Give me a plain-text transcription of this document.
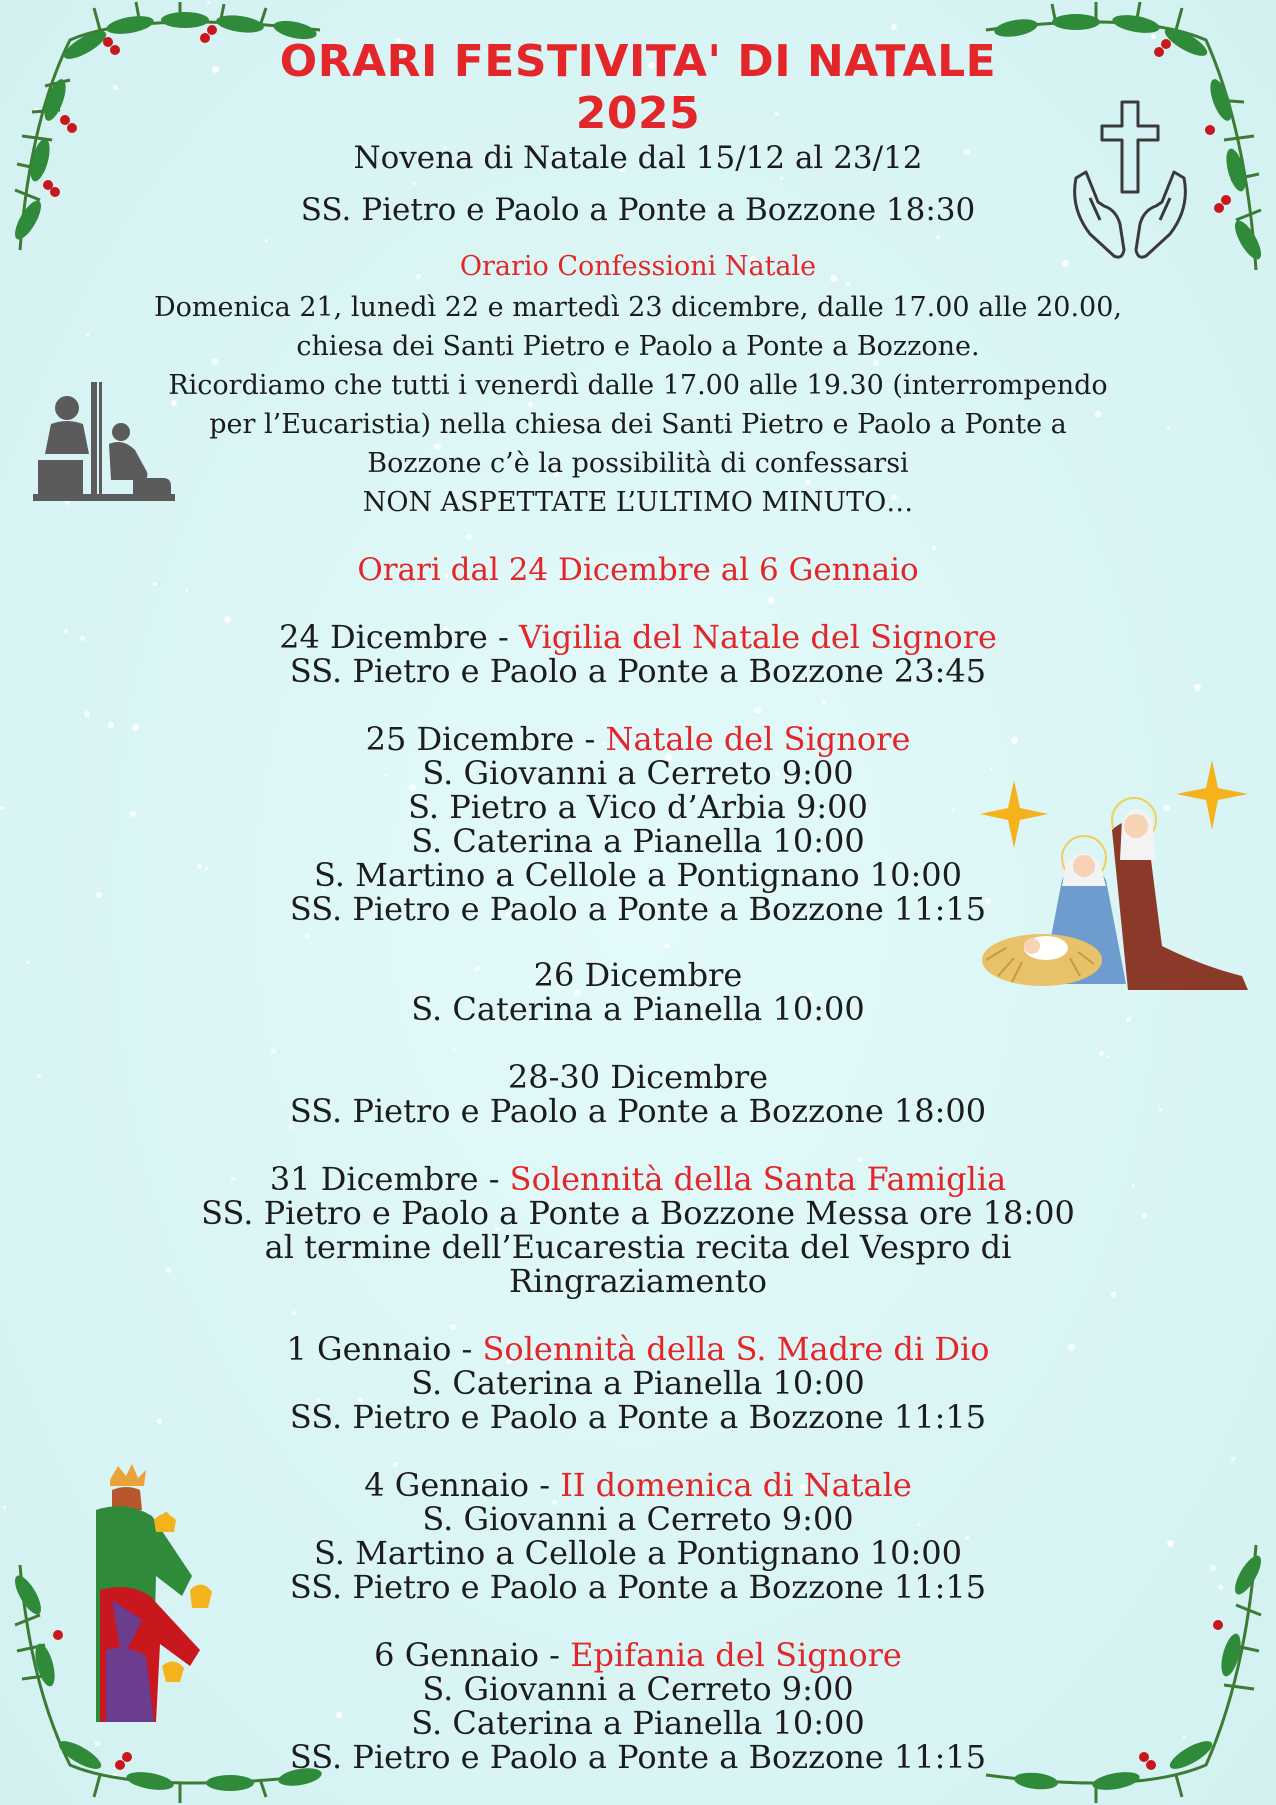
ORARI FESTIVITA' DI NATALE
2025
Novena di Natale dal 15/12 al 23/12
SS. Pietro e Paolo a Ponte a Bozzone 18:30
Orario Confessioni Natale
Domenica 21, lunedì 22 e martedì 23 dicembre, dalle 17.00 alle 20.00,
chiesa dei Santi Pietro e Paolo a Ponte a Bozzone.
Ricordiamo che tutti i venerdì dalle 17.00 alle 19.30 (interrompendo
per l’Eucaristia) nella chiesa dei Santi Pietro e Paolo a Ponte a
Bozzone c’è la possibilità di confessarsi
NON ASPETTATE L’ULTIMO MINUTO…
Orari dal 24 Dicembre al 6 Gennaio
24 Dicembre - Vigilia del Natale del Signore
SS. Pietro e Paolo a Ponte a Bozzone 23:45
25 Dicembre - Natale del Signore
S. Giovanni a Cerreto 9:00
S. Pietro a Vico d’Arbia 9:00
S. Caterina a Pianella 10:00
S. Martino a Cellole a Pontignano 10:00
SS. Pietro e Paolo a Ponte a Bozzone 11:15
26 Dicembre
S. Caterina a Pianella 10:00
28-30 Dicembre
SS. Pietro e Paolo a Ponte a Bozzone 18:00
31 Dicembre - Solennità della Santa Famiglia
SS. Pietro e Paolo a Ponte a Bozzone Messa ore 18:00
al termine dell’Eucarestia recita del Vespro di
Ringraziamento
1 Gennaio - Solennità della S. Madre di Dio
S. Caterina a Pianella 10:00
SS. Pietro e Paolo a Ponte a Bozzone 11:15
4 Gennaio - II domenica di Natale
S. Giovanni a Cerreto 9:00
S. Martino a Cellole a Pontignano 10:00
SS. Pietro e Paolo a Ponte a Bozzone 11:15
6 Gennaio - Epifania del Signore
S. Giovanni a Cerreto 9:00
S. Caterina a Pianella 10:00
SS. Pietro e Paolo a Ponte a Bozzone 11:15
